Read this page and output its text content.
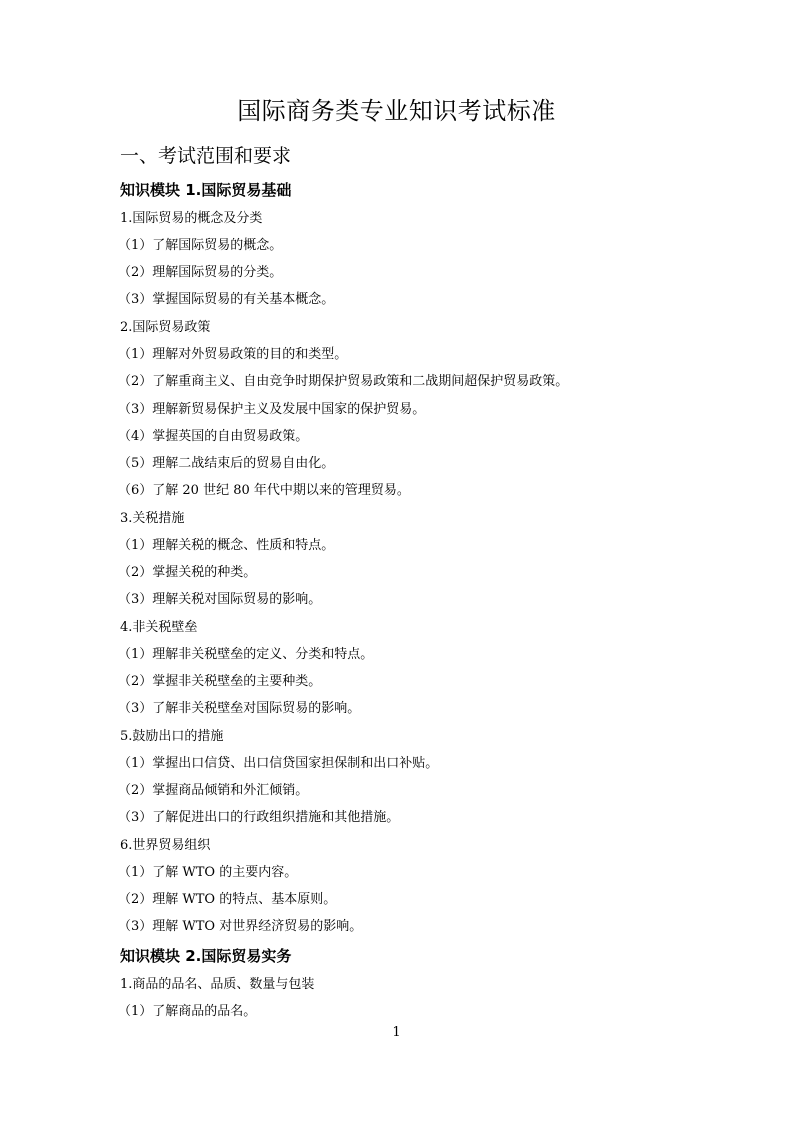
国际商务类专业知识考试标准
一、考试范围和要求
知识模块 1.国际贸易基础
1.国际贸易的概念及分类
（1）了解国际贸易的概念。
（2）理解国际贸易的分类。
（3）掌握国际贸易的有关基本概念。
2.国际贸易政策
（1）理解对外贸易政策的目的和类型。
（2）了解重商主义、自由竞争时期保护贸易政策和二战期间超保护贸易政策。
（3）理解新贸易保护主义及发展中国家的保护贸易。
（4）掌握英国的自由贸易政策。
（5）理解二战结束后的贸易自由化。
（6）了解 20 世纪 80 年代中期以来的管理贸易。
3.关税措施
（1）理解关税的概念、性质和特点。
（2）掌握关税的种类。
（3）理解关税对国际贸易的影响。
4.非关税壁垒
（1）理解非关税壁垒的定义、分类和特点。
（2）掌握非关税壁垒的主要种类。
（3）了解非关税壁垒对国际贸易的影响。
5.鼓励出口的措施
（1）掌握出口信贷、出口信贷国家担保制和出口补贴。
（2）掌握商品倾销和外汇倾销。
（3）了解促进出口的行政组织措施和其他措施。
6.世界贸易组织
（1）了解 WTO 的主要内容。
（2）理解 WTO 的特点、基本原则。
（3）理解 WTO 对世界经济贸易的影响。
知识模块 2.国际贸易实务
1.商品的品名、品质、数量与包装
（1）了解商品的品名。
1
